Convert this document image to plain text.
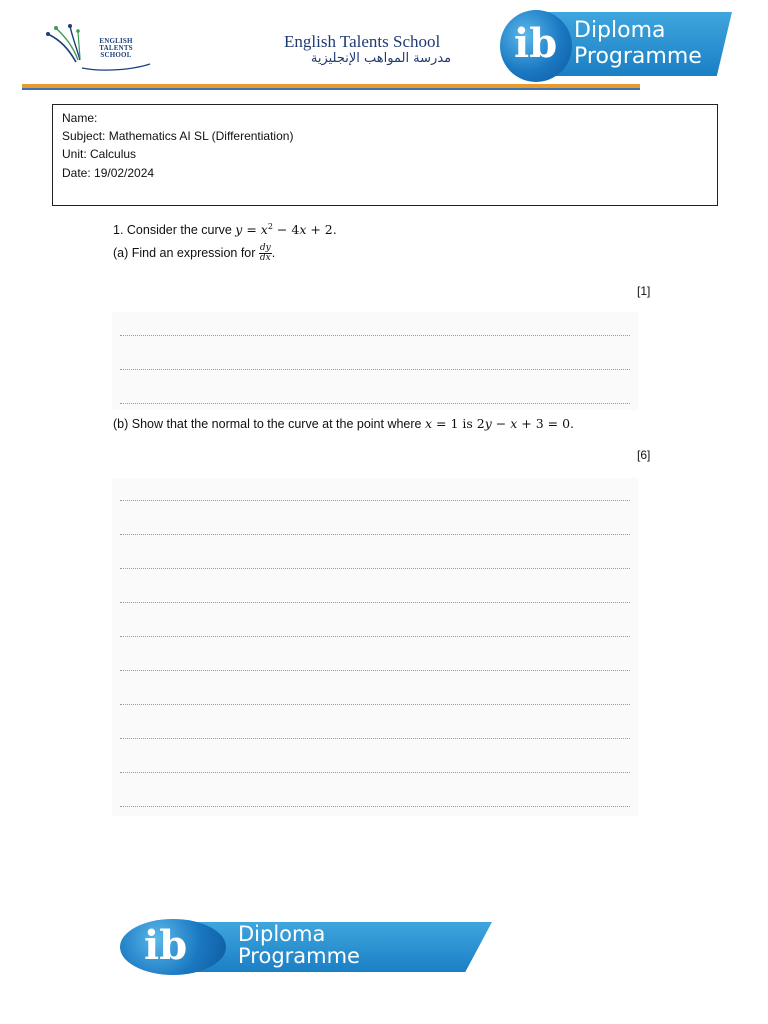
ENGLISH
TALENTS
SCHOOL
English Talents School
مدرسة المواهب الإنجليزية	ib Diploma
Programme
Name:
Subject: Mathematics AI SL (Differentiation)
Unit: Calculus
Date: 19/02/2024
1. Consider the curve $y = x^2 - 4x + 2$.
(a) Find an expression for $\frac{dy}{dx}$ .
[1]
(b) Show that the normal to the curve at the point where x = 1 is 2y − x + 3 = 0.
[6]
ib Diploma
Programme
